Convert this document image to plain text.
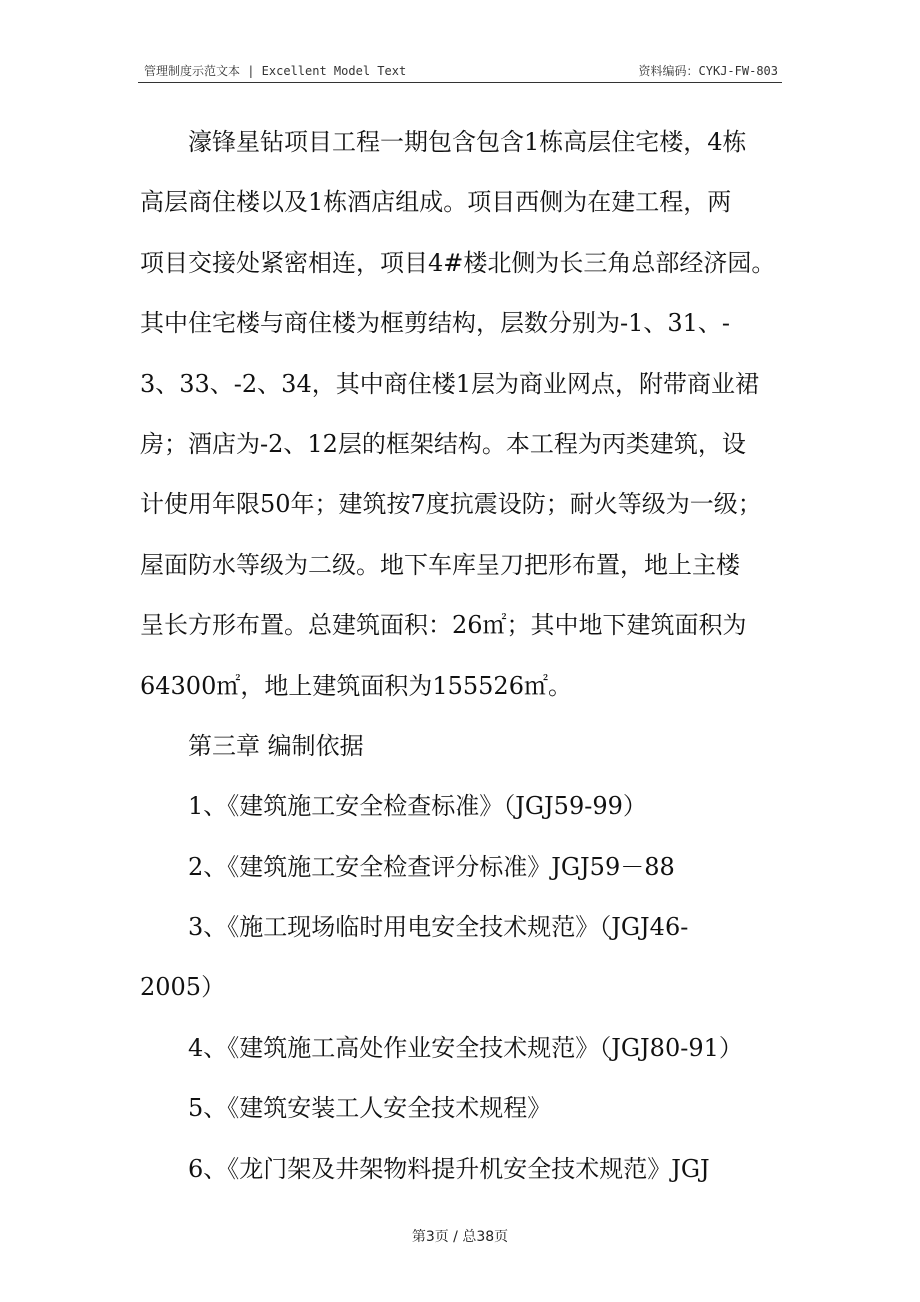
管理制度示范文本 | Excellent Model Text	资料编码：CYKJ-FW-803
濠锋星钻项目工程一期包含包含1栋高层住宅楼，4栋
高层商住楼以及1栋酒店组成。项目西侧为在建工程，两
项目交接处紧密相连，项目4#楼北侧为长三角总部经济园。
其中住宅楼与商住楼为框剪结构，层数分别为-1、31、-
3、33、-2、34，其中商住楼1层为商业网点，附带商业裙
房；酒店为-2、12层的框架结构。本工程为丙类建筑，设
计使用年限50年；建筑按7度抗震设防；耐火等级为一级；
屋面防水等级为二级。地下车库呈刀把形布置，地上主楼
呈长方形布置。总建筑面积：26㎡；其中地下建筑面积为
64300㎡，地上建筑面积为155526㎡。
第三章 编制依据
1、《建筑施工安全检查标准》（JGJ59-99）
2、《建筑施工安全检查评分标准》JGJ59－88
3、《施工现场临时用电安全技术规范》（JGJ46-
2005）
4、《建筑施工高处作业安全技术规范》（JGJ80-91）
5、《建筑安装工人安全技术规程》
6、《龙门架及井架物料提升机安全技术规范》JGJ
第3页 / 总38页
